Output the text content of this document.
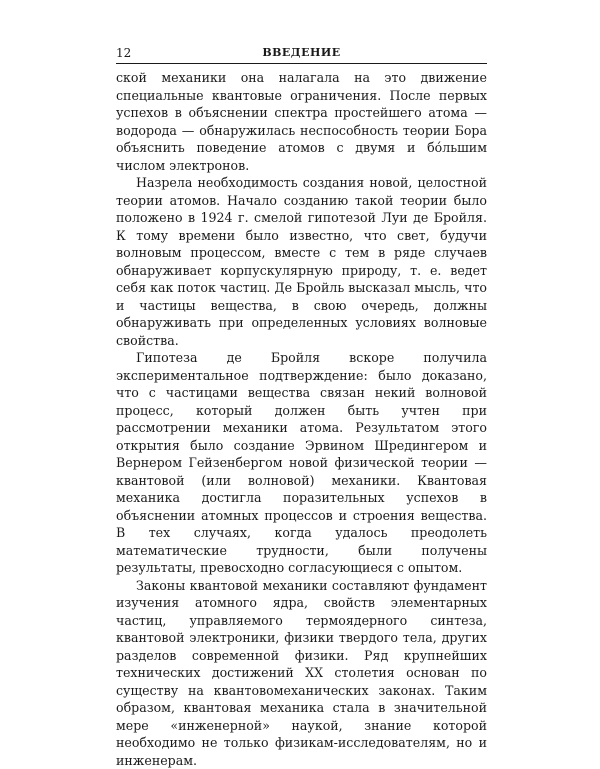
12	ВВЕДЕНИЕ

ской механики она налагала на это движение специальные квантовые ограничения. После первых успехов в объяснении спектра простейшего атома — водорода — обнаружилась неспособность теории Бора объяснить поведение атомов с двумя и бо́льшим числом электронов.

Назрела необходимость создания новой, целостной теории атомов. Начало созданию такой теории было положено в 1924 г. смелой гипотезой Луи де Бройля. К тому времени было известно, что свет, будучи волновым процессом, вместе с тем в ряде случаев обнаруживает корпускулярную природу, т. е. ведет себя как поток частиц. Де Бройль высказал мысль, что и частицы вещества, в свою очередь, должны обнаруживать при определенных условиях волновые свойства.

Гипотеза де Бройля вскоре получила экспериментальное подтверждение: было доказано, что с частицами вещества связан некий волновой процесс, который должен быть учтен при рассмотрении механики атома. Результатом этого открытия было создание Эрвином Шредингером и Вернером Гейзенбергом новой физической теории — квантовой (или волновой) механики. Квантовая механика достигла поразительных успехов в объяснении атомных процессов и строения вещества. В тех случаях, когда удалось преодолеть математические трудности, были получены результаты, превосходно согласующиеся с опытом.

Законы квантовой механики составляют фундамент изучения атомного ядра, свойств элементарных частиц, управляемого термоядерного синтеза, квантовой электроники, физики твердого тела, других разделов современной физики. Ряд крупнейших технических достижений XX столетия основан по существу на квантовомеханических законах. Таким образом, квантовая механика стала в значительной мере «инженерной» наукой, знание которой необходимо не только физикам-исследователям, но и инженерам.
